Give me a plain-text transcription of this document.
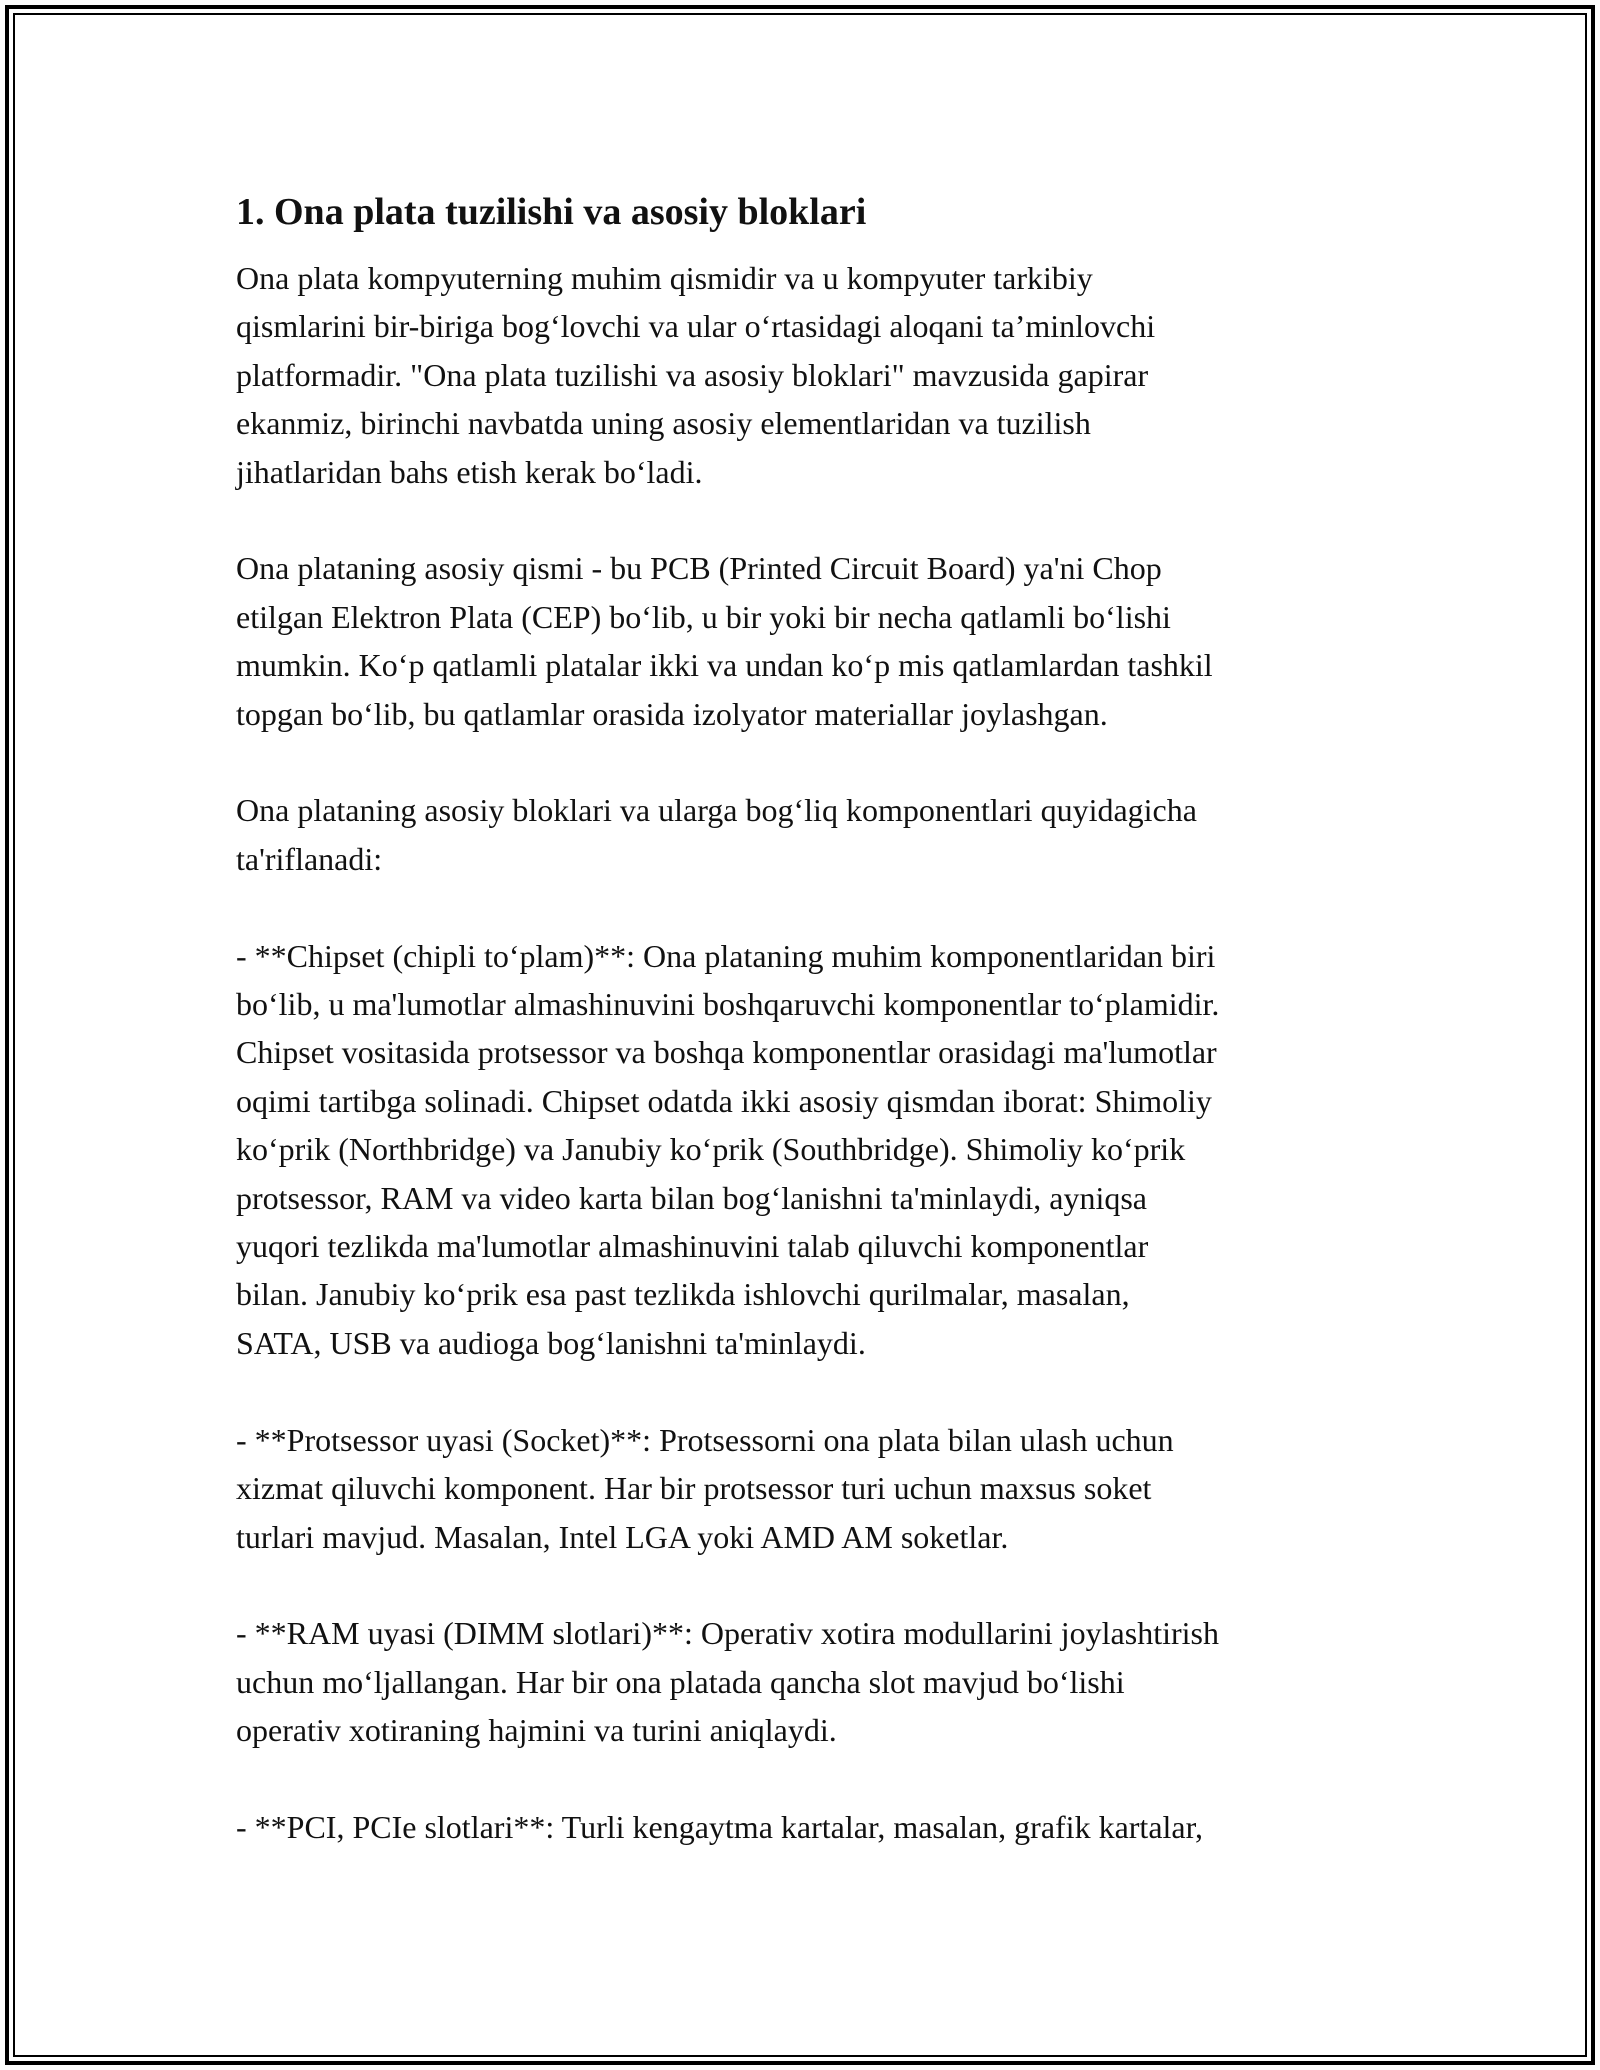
1. Ona plata tuzilishi va asosiy bloklari

Ona plata kompyuterning muhim qismidir va u kompyuter tarkibiy
qismlarini bir-biriga bog‘lovchi va ular o‘rtasidagi aloqani ta’minlovchi
platformadir. "Ona plata tuzilishi va asosiy bloklari" mavzusida gapirar
ekanmiz, birinchi navbatda uning asosiy elementlaridan va tuzilish
jihatlaridan bahs etish kerak bo‘ladi.

Ona plataning asosiy qismi - bu PCB (Printed Circuit Board) ya'ni Chop
etilgan Elektron Plata (CEP) bo‘lib, u bir yoki bir necha qatlamli bo‘lishi
mumkin. Ko‘p qatlamli platalar ikki va undan ko‘p mis qatlamlardan tashkil
topgan bo‘lib, bu qatlamlar orasida izolyator materiallar joylashgan.

Ona plataning asosiy bloklari va ularga bog‘liq komponentlari quyidagicha
ta'riflanadi:

- **Chipset (chipli to‘plam)**: Ona plataning muhim komponentlaridan biri
bo‘lib, u ma'lumotlar almashinuvini boshqaruvchi komponentlar to‘plamidir.
Chipset vositasida protsessor va boshqa komponentlar orasidagi ma'lumotlar
oqimi tartibga solinadi. Chipset odatda ikki asosiy qismdan iborat: Shimoliy
ko‘prik (Northbridge) va Janubiy ko‘prik (Southbridge). Shimoliy ko‘prik
protsessor, RAM va video karta bilan bog‘lanishni ta'minlaydi, ayniqsa
yuqori tezlikda ma'lumotlar almashinuvini talab qiluvchi komponentlar
bilan. Janubiy ko‘prik esa past tezlikda ishlovchi qurilmalar, masalan,
SATA, USB va audioga bog‘lanishni ta'minlaydi.

- **Protsessor uyasi (Socket)**: Protsessorni ona plata bilan ulash uchun
xizmat qiluvchi komponent. Har bir protsessor turi uchun maxsus soket
turlari mavjud. Masalan, Intel LGA yoki AMD AM soketlar.

- **RAM uyasi (DIMM slotlari)**: Operativ xotira modullarini joylashtirish
uchun mo‘ljallangan. Har bir ona platada qancha slot mavjud bo‘lishi
operativ xotiraning hajmini va turini aniqlaydi.

- **PCI, PCIe slotlari**: Turli kengaytma kartalar, masalan, grafik kartalar,
